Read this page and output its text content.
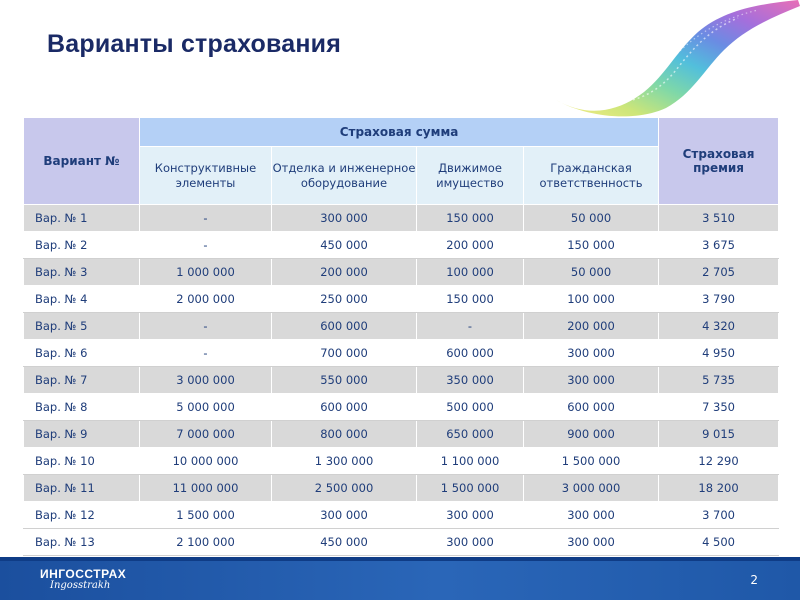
Варианты страхования
Вариант №	Страховая сумма				Страховая премия
	Конструктивные элементы	Отделка и инженерное оборудование	Движимое имущество	Гражданская ответственность	
Вар. № 1	-	300 000	150 000	50 000	3 510
Вар. № 2	-	450 000	200 000	150 000	3 675
Вар. № 3	1 000 000	200 000	100 000	50 000	2 705
Вар. № 4	2 000 000	250 000	150 000	100 000	3 790
Вар. № 5	-	600 000	-	200 000	4 320
Вар. № 6	-	700 000	600 000	300 000	4 950
Вар. № 7	3 000 000	550 000	350 000	300 000	5 735
Вар. № 8	5 000 000	600 000	500 000	600 000	7 350
Вар. № 9	7 000 000	800 000	650 000	900 000	9 015
Вар. № 10	10 000 000	1 300 000	1 100 000	1 500 000	12 290
Вар. № 11	11 000 000	2 500 000	1 500 000	3 000 000	18 200
Вар. № 12	1 500 000	300 000	300 000	300 000	3 700
Вар. № 13	2 100 000	450 000	300 000	300 000	4 500
ИНГОССТРАХ
Ingosstrakh	2
